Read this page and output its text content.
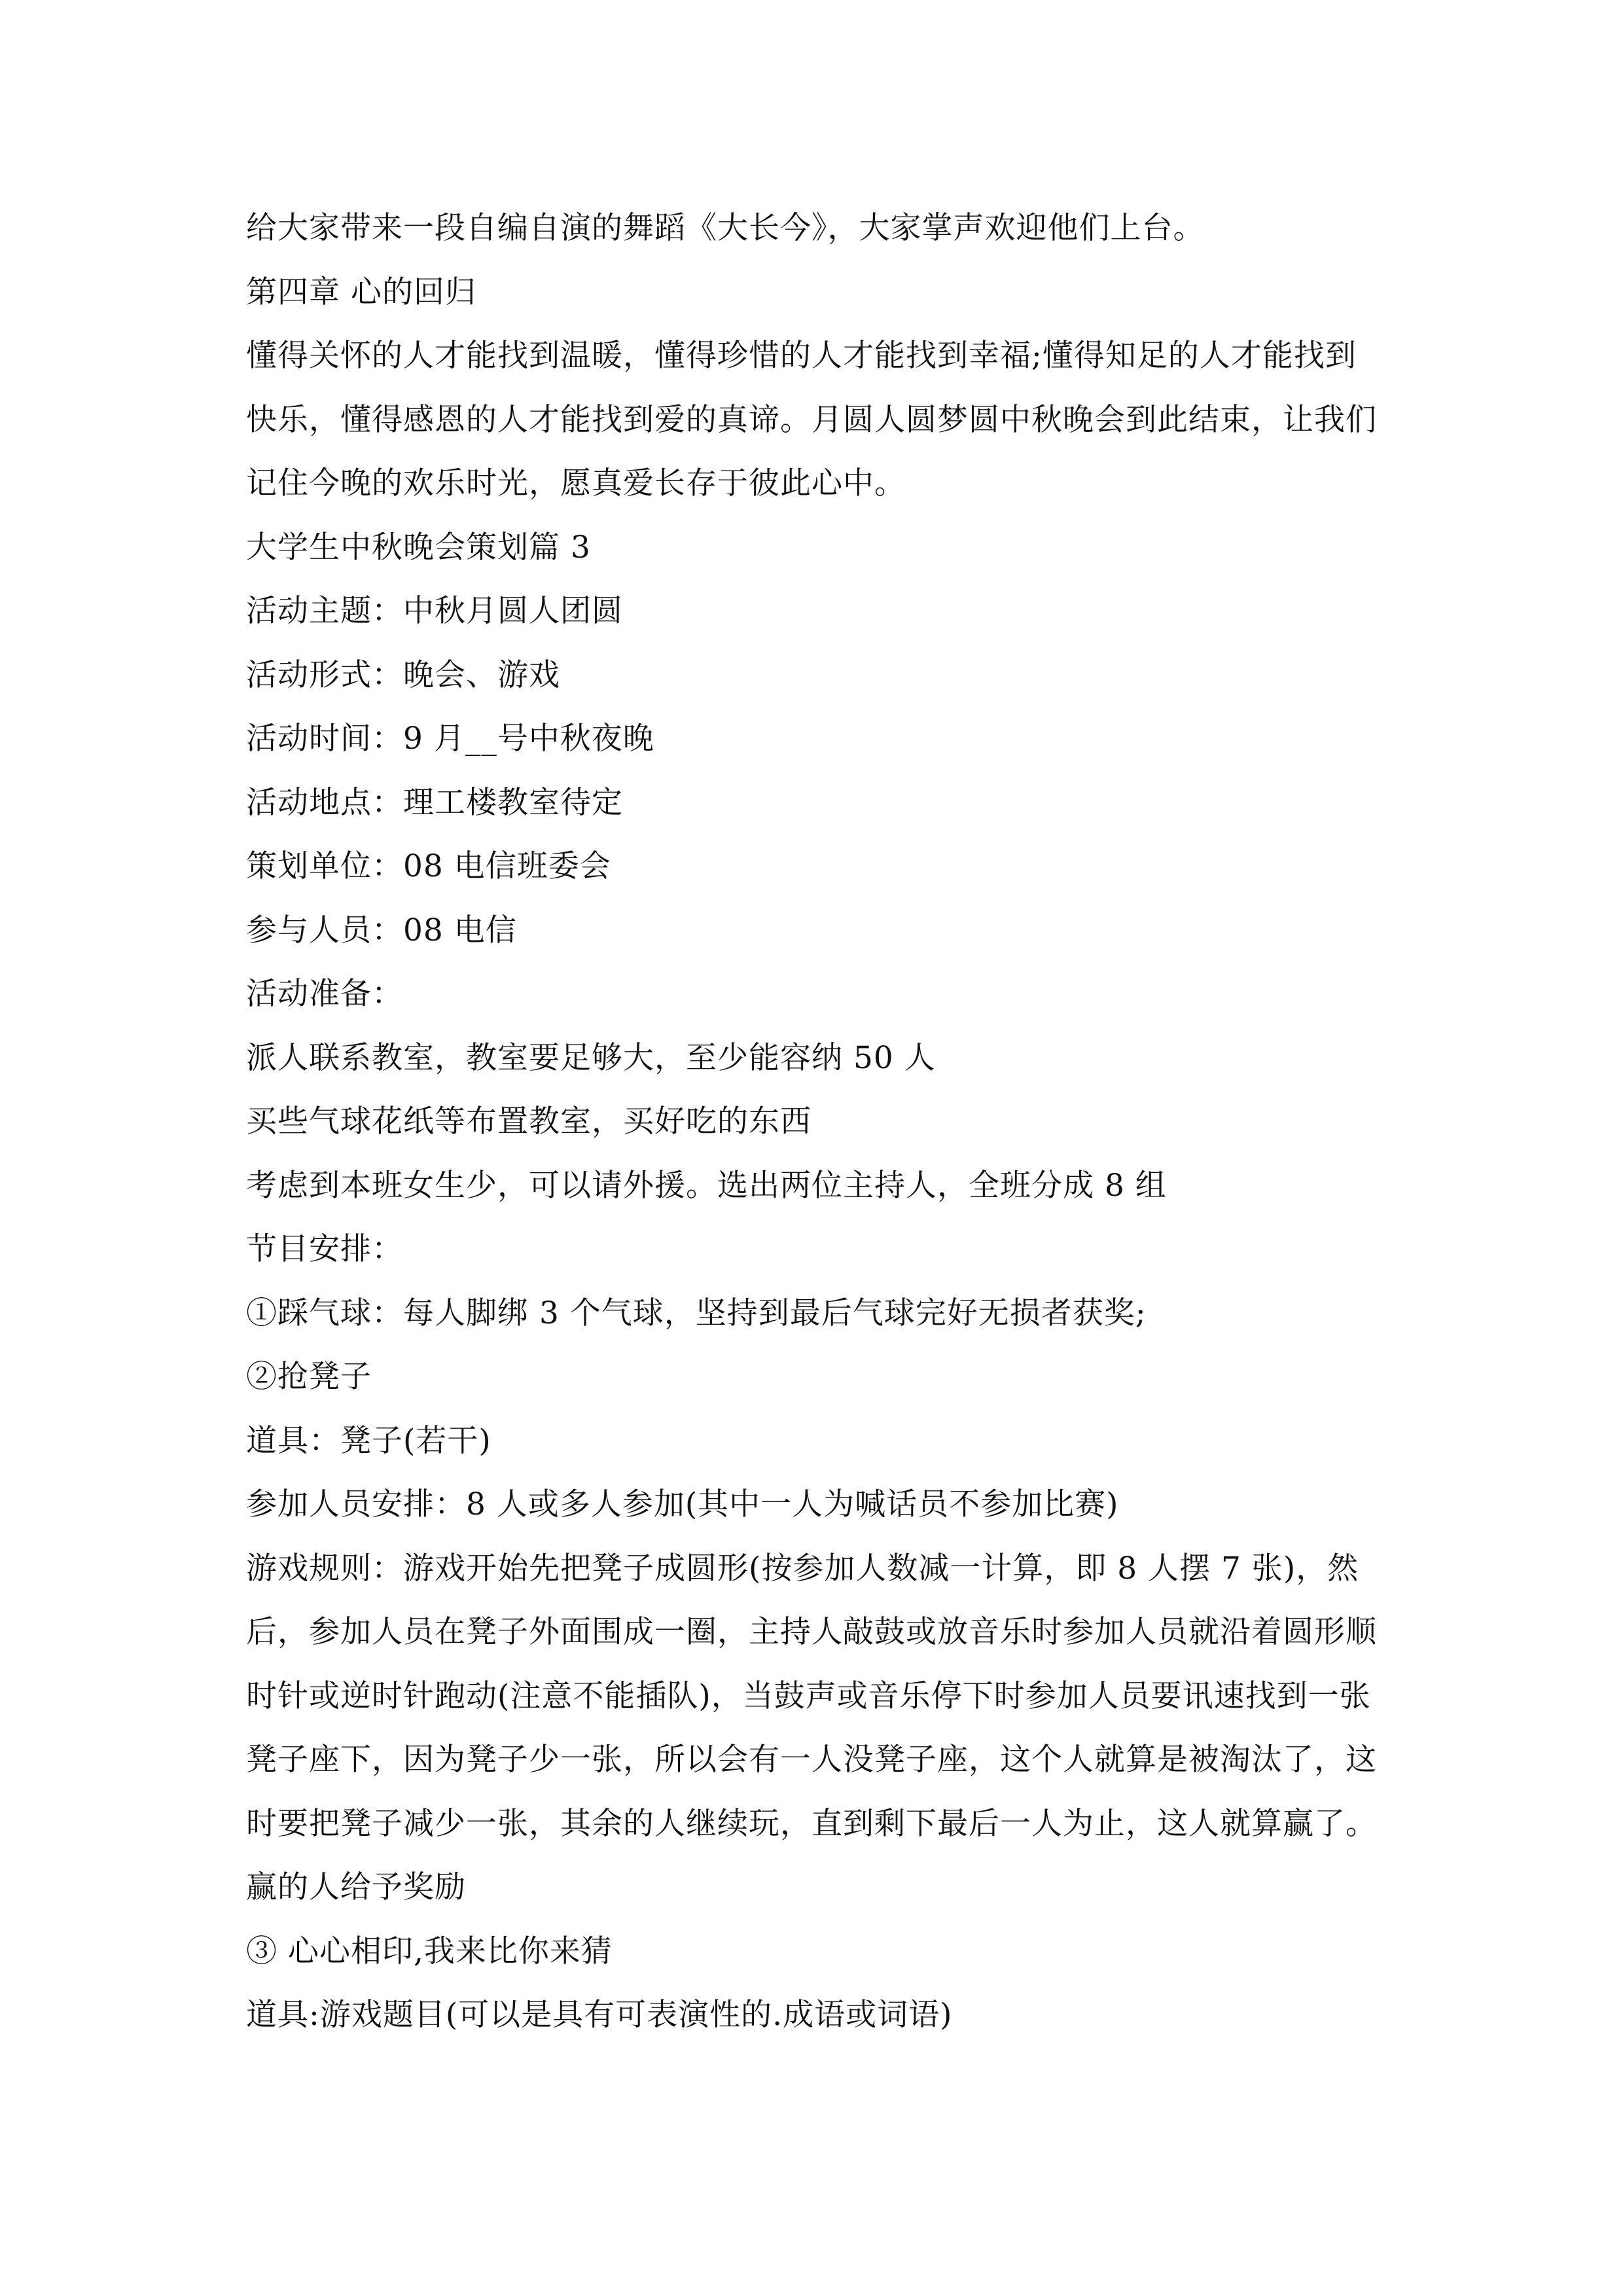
给大家带来一段自编自演的舞蹈《大长今》，大家掌声欢迎他们上台。

第四章 心的回归

懂得关怀的人才能找到温暖，懂得珍惜的人才能找到幸福;懂得知足的人才能找到快乐，懂得感恩的人才能找到爱的真谛。月圆人圆梦圆中秋晚会到此结束，让我们记住今晚的欢乐时光，愿真爱长存于彼此心中。

大学生中秋晚会策划篇 3

活动主题：中秋月圆人团圆

活动形式：晚会、游戏

活动时间：9 月__号中秋夜晚

活动地点：理工楼教室待定

策划单位：08 电信班委会

参与人员：08 电信

活动准备：

派人联系教室，教室要足够大，至少能容纳 50 人

买些气球花纸等布置教室，买好吃的东西

考虑到本班女生少，可以请外援。选出两位主持人，全班分成 8 组

节目安排：

①踩气球：每人脚绑 3 个气球，坚持到最后气球完好无损者获奖;

②抢凳子

道具：凳子(若干)

参加人员安排：8 人或多人参加(其中一人为喊话员不参加比赛)

游戏规则：游戏开始先把凳子成圆形(按参加人数减一计算，即 8 人摆 7 张)，然后，参加人员在凳子外面围成一圈，主持人敲鼓或放音乐时参加人员就沿着圆形顺时针或逆时针跑动(注意不能插队)，当鼓声或音乐停下时参加人员要讯速找到一张凳子座下，因为凳子少一张，所以会有一人没凳子座，这个人就算是被淘汰了，这时要把凳子减少一张，其余的人继续玩，直到剩下最后一人为止，这人就算赢了。赢的人给予奖励

③ 心心相印,我来比你来猜

道具:游戏题目(可以是具有可表演性的.成语或词语)
